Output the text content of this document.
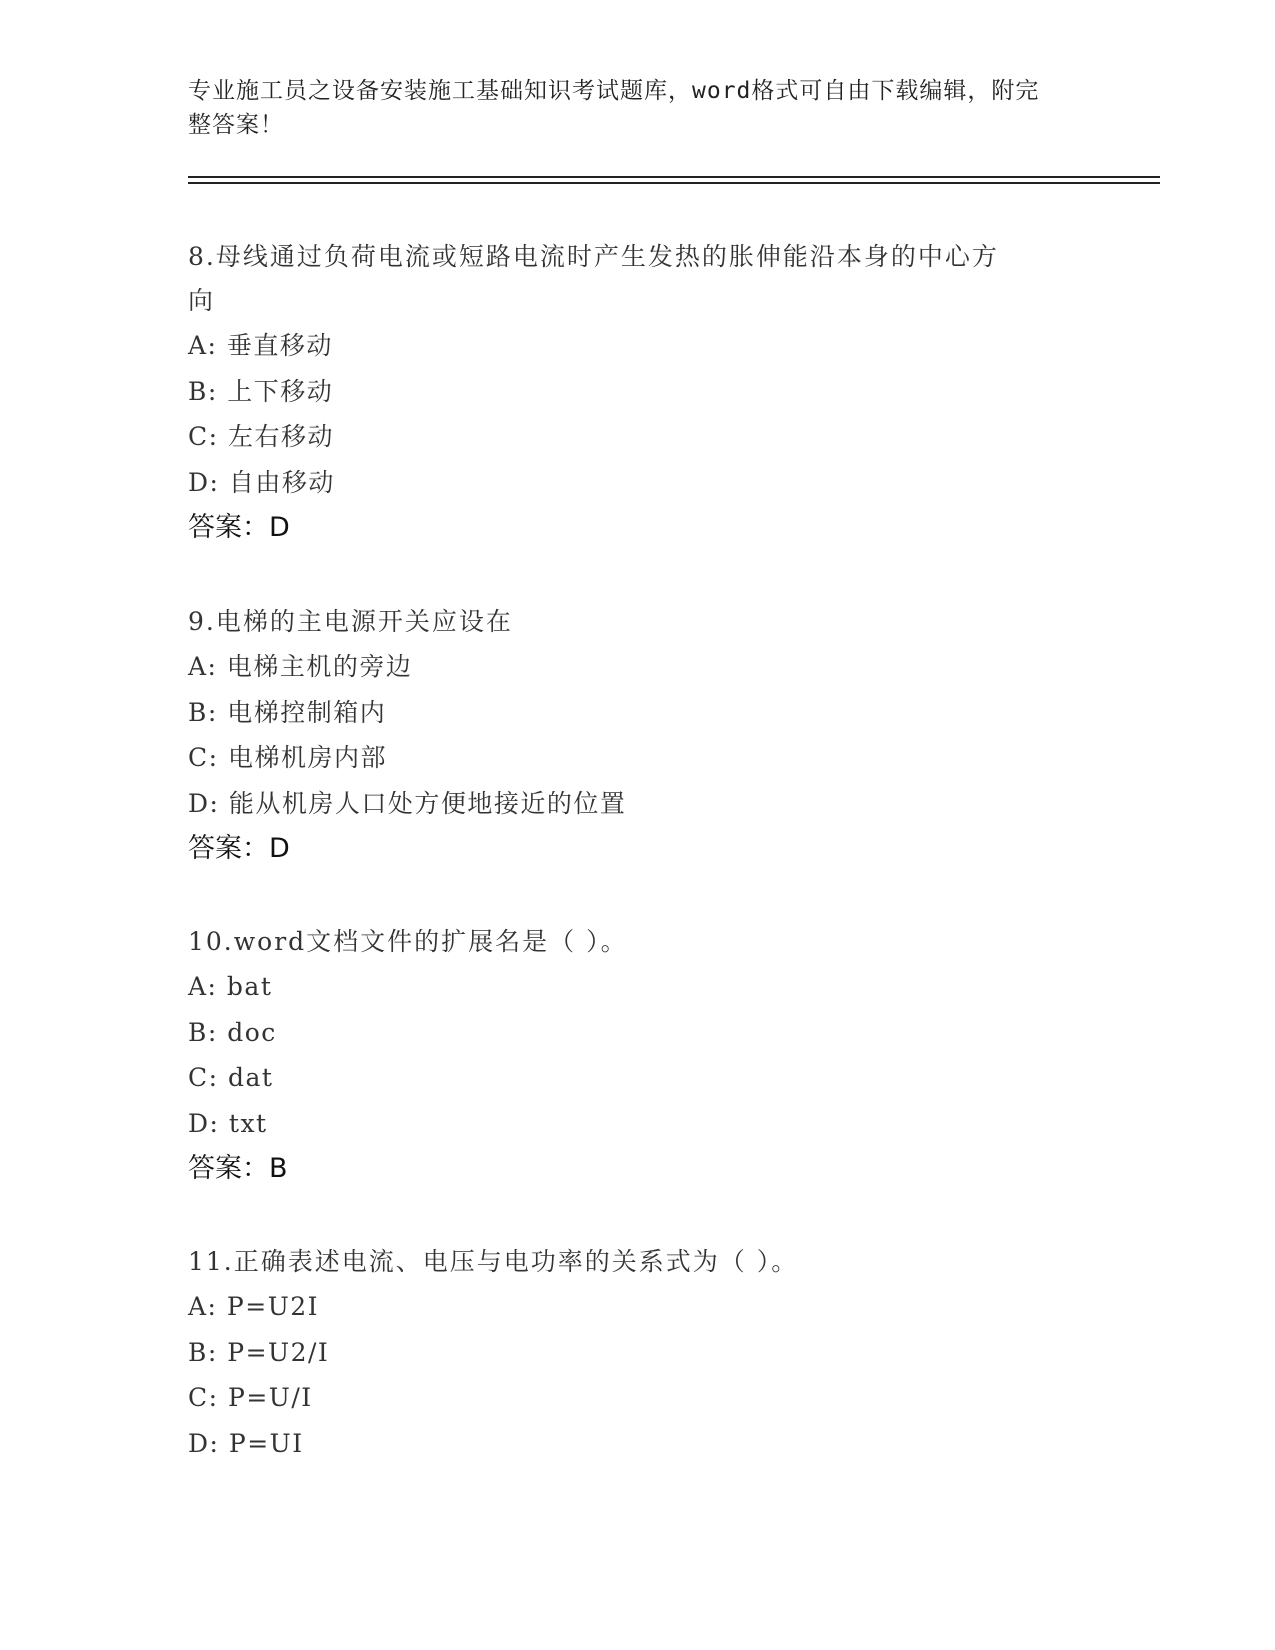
专业施工员之设备安装施工基础知识考试题库，word格式可自由下载编辑，附完
整答案！

8.母线通过负荷电流或短路电流时产生发热的胀伸能沿本身的中心方

向

A: 垂直移动

B: 上下移动

C: 左右移动

D: 自由移动

答案：D

9.电梯的主电源开关应设在

A: 电梯主机的旁边

B: 电梯控制箱内

C: 电梯机房内部

D: 能从机房人口处方便地接近的位置

答案：D

10.word文档文件的扩展名是（ ）。

A: bat

B: doc

C: dat

D: txt

答案：B

11.正确表述电流、电压与电功率的关系式为（ ）。

A: P=U2I

B: P=U2/I

C: P=U/I

D: P=UI
